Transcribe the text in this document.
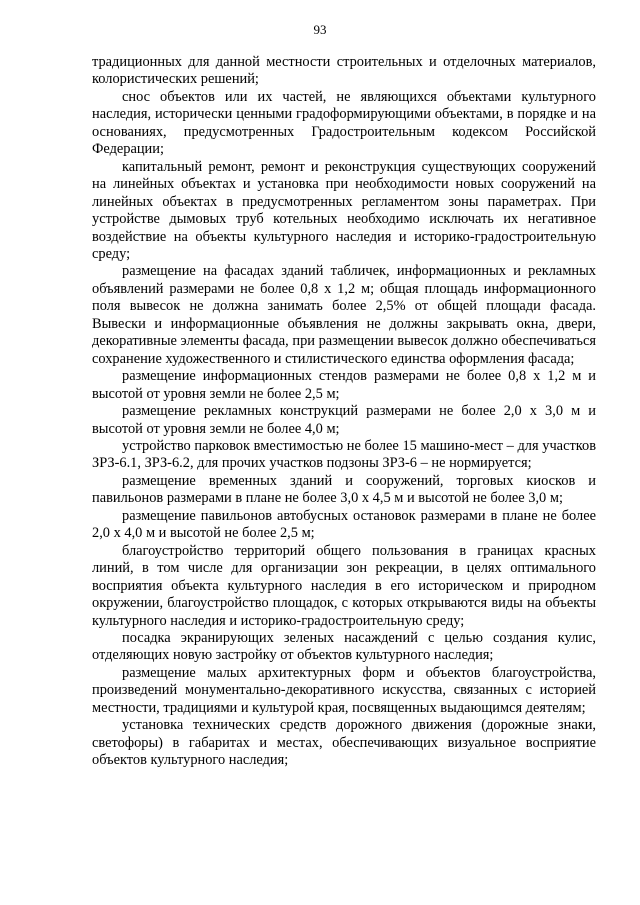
93

традиционных для данной местности строительных и отделочных материалов, колористических решений;

снос объектов или их частей, не являющихся объектами культурного наследия, исторически ценными градоформирующими объектами, в порядке и на основаниях, предусмотренных Градостроительным кодексом Российской Федерации;

капитальный ремонт, ремонт и реконструкция существующих сооружений на линейных объектах и установка при необходимости новых сооружений на линейных объектах в предусмотренных регламентом зоны параметрах. При устройстве дымовых труб котельных необходимо исключать их негативное воздействие на объекты культурного наследия и историко-градостроительную среду;

размещение на фасадах зданий табличек, информационных и рекламных объявлений размерами не более 0,8 х 1,2 м; общая площадь информационного поля вывесок не должна занимать более 2,5% от общей площади фасада. Вывески и информационные объявления не должны закрывать окна, двери, декоративные элементы фасада, при размещении вывесок должно обеспечиваться сохранение художественного и стилистического единства оформления фасада;

размещение информационных стендов размерами не более 0,8 х 1,2 м и высотой от уровня земли не более 2,5 м;

размещение рекламных конструкций размерами не более 2,0 х 3,0 м и высотой от уровня земли не более 4,0 м;

устройство парковок вместимостью не более 15 машино-мест – для участков ЗРЗ-6.1, ЗРЗ-6.2, для прочих участков подзоны ЗРЗ-6 – не нормируется;

размещение временных зданий и сооружений, торговых киосков и павильонов размерами в плане не более 3,0 х 4,5 м и высотой не более 3,0 м;

размещение павильонов автобусных остановок размерами в плане не более 2,0 х 4,0 м и высотой не более 2,5 м;

благоустройство территорий общего пользования в границах красных линий, в том числе для организации зон рекреации, в целях оптимального восприятия объекта культурного наследия в его историческом и природном окружении, благоустройство площадок, с которых открываются виды на объекты культурного наследия и историко-градостроительную среду;

посадка экранирующих зеленых насаждений с целью создания кулис, отделяющих новую застройку от объектов культурного наследия;

размещение малых архитектурных форм и объектов благоустройства, произведений монументально-декоративного искусства, связанных с историей местности, традициями и культурой края, посвященных выдающимся деятелям;

установка технических средств дорожного движения (дорожные знаки, светофоры) в габаритах и местах, обеспечивающих визуальное восприятие объектов культурного наследия;
